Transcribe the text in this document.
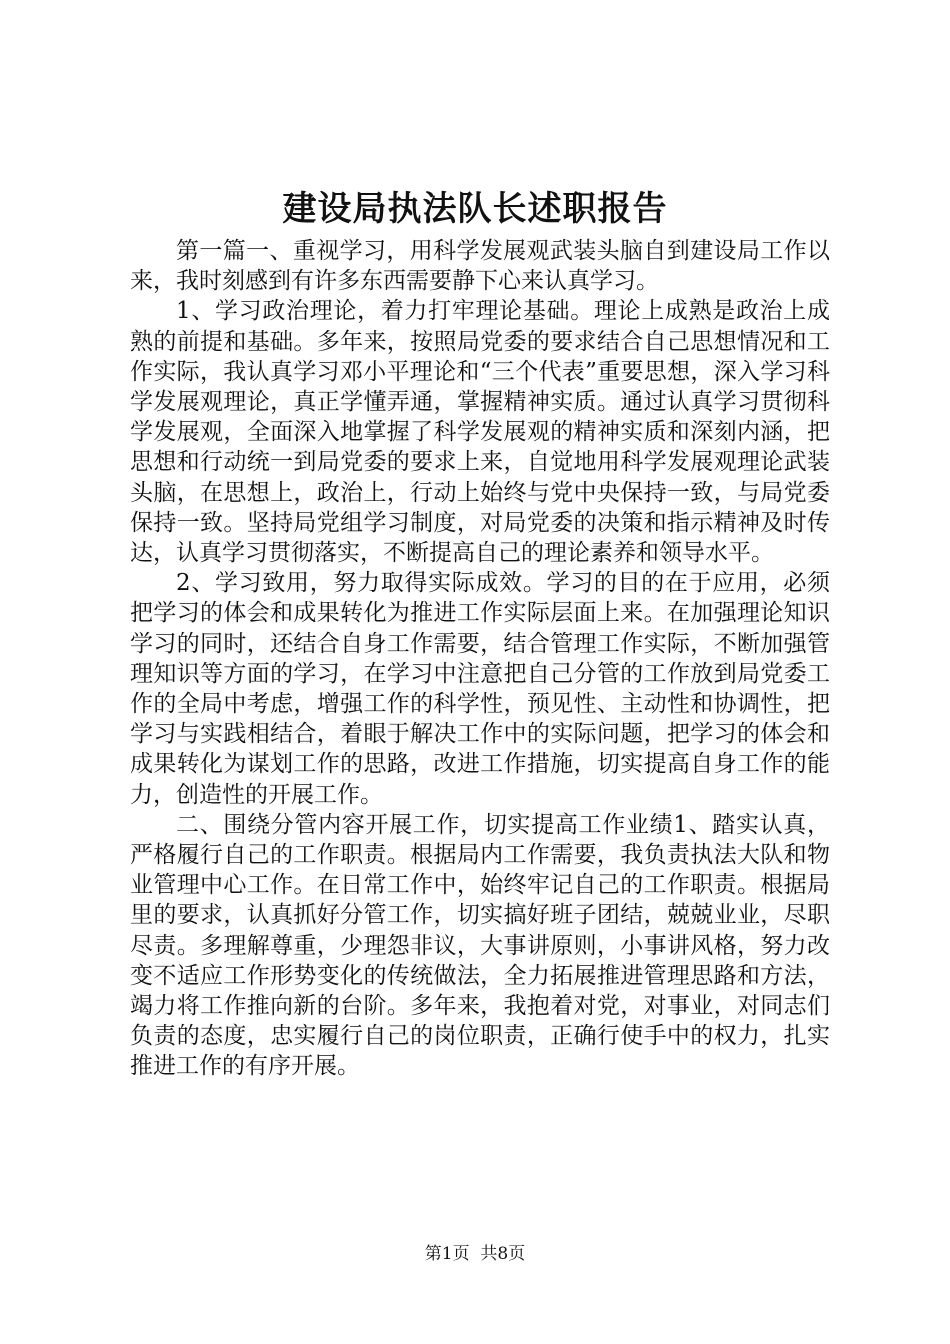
建设局执法队长述职报告

第一篇一、重视学习，用科学发展观武装头脑自到建设局工作以来，我时刻感到有许多东西需要静下心来认真学习。

1、学习政治理论，着力打牢理论基础。理论上成熟是政治上成熟的前提和基础。多年来，按照局党委的要求结合自己思想情况和工作实际，我认真学习邓小平理论和“三个代表”重要思想，深入学习科学发展观理论，真正学懂弄通，掌握精神实质。通过认真学习贯彻科学发展观，全面深入地掌握了科学发展观的精神实质和深刻内涵，把思想和行动统一到局党委的要求上来，自觉地用科学发展观理论武装头脑，在思想上，政治上，行动上始终与党中央保持一致，与局党委保持一致。坚持局党组学习制度，对局党委的决策和指示精神及时传达，认真学习贯彻落实，不断提高自己的理论素养和领导水平。

2、学习致用，努力取得实际成效。学习的目的在于应用，必须把学习的体会和成果转化为推进工作实际层面上来。在加强理论知识学习的同时，还结合自身工作需要，结合管理工作实际，不断加强管理知识等方面的学习，在学习中注意把自己分管的工作放到局党委工作的全局中考虑，增强工作的科学性，预见性、主动性和协调性，把学习与实践相结合，着眼于解决工作中的实际问题，把学习的体会和成果转化为谋划工作的思路，改进工作措施，切实提高自身工作的能力，创造性的开展工作。

二、围绕分管内容开展工作，切实提高工作业绩1、踏实认真，严格履行自己的工作职责。根据局内工作需要，我负责执法大队和物业管理中心工作。在日常工作中，始终牢记自己的工作职责。根据局里的要求，认真抓好分管工作，切实搞好班子团结，兢兢业业，尽职尽责。多理解尊重，少理怨非议，大事讲原则，小事讲风格，努力改变不适应工作形势变化的传统做法，全力拓展推进管理思路和方法，竭力将工作推向新的台阶。多年来，我抱着对党，对事业，对同志们负责的态度，忠实履行自己的岗位职责，正确行使手中的权力，扎实推进工作的有序开展。

第1页 共8页
